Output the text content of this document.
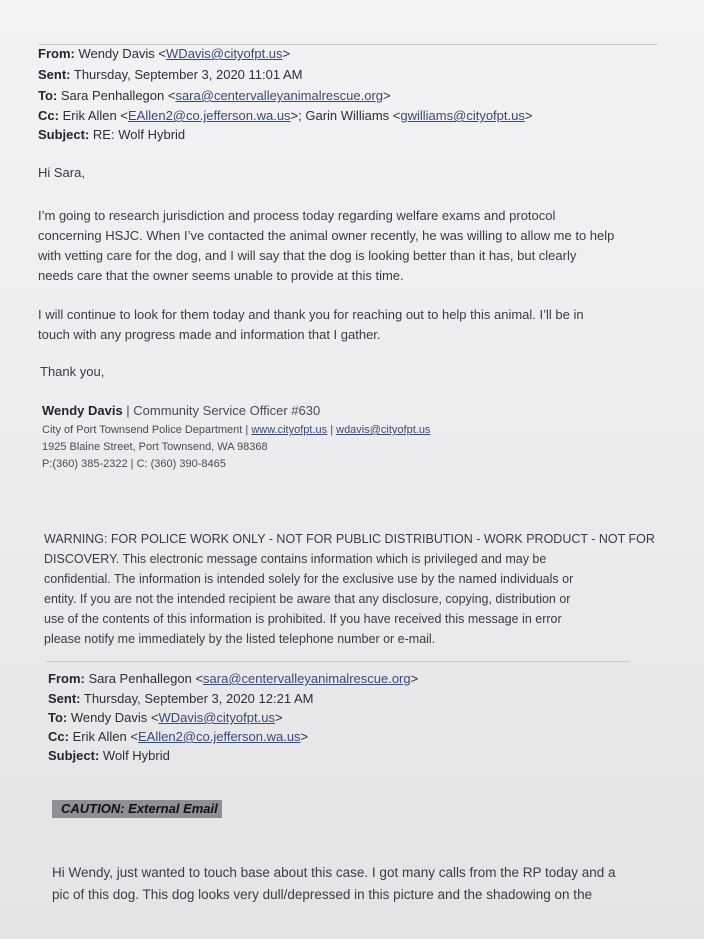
From: Wendy Davis <WDavis@cityofpt.us>
Sent: Thursday, September 3, 2020 11:01 AM
To: Sara Penhallegon <sara@centervalleyanimalrescue.org>
Cc: Erik Allen <EAllen2@co.jefferson.wa.us>; Garin Williams <gwilliams@cityofpt.us>
Subject: RE: Wolf Hybrid
Hi Sara,
I’m going to research jurisdiction and process today regarding welfare exams and protocol
concerning HSJC. When I’ve contacted the animal owner recently, he was willing to allow me to help
with vetting care for the dog, and I will say that the dog is looking better than it has, but clearly
needs care that the owner seems unable to provide at this time.
I will continue to look for them today and thank you for reaching out to help this animal. I’ll be in
touch with any progress made and information that I gather.
Thank you,
Wendy Davis | Community Service Officer #630
City of Port Townsend Police Department | www.cityofpt.us | wdavis@cityofpt.us
1925 Blaine Street, Port Townsend, WA 98368
P:(360) 385-2322 | C: (360) 390-8465
WARNING: FOR POLICE WORK ONLY - NOT FOR PUBLIC DISTRIBUTION - WORK PRODUCT - NOT FOR
DISCOVERY. This electronic message contains information which is privileged and may be
confidential. The information is intended solely for the exclusive use by the named individuals or
entity. If you are not the intended recipient be aware that any disclosure, copying, distribution or
use of the contents of this information is prohibited. If you have received this message in error
please notify me immediately by the listed telephone number or e-mail.
From: Sara Penhallegon <sara@centervalleyanimalrescue.org>
Sent: Thursday, September 3, 2020 12:21 AM
To: Wendy Davis <WDavis@cityofpt.us>
Cc: Erik Allen <EAllen2@co.jefferson.wa.us>
Subject: Wolf Hybrid
CAUTION: External Email
Hi Wendy, just wanted to touch base about this case. I got many calls from the RP today and a
pic of this dog. This dog looks very dull/depressed in this picture and the shadowing on the
